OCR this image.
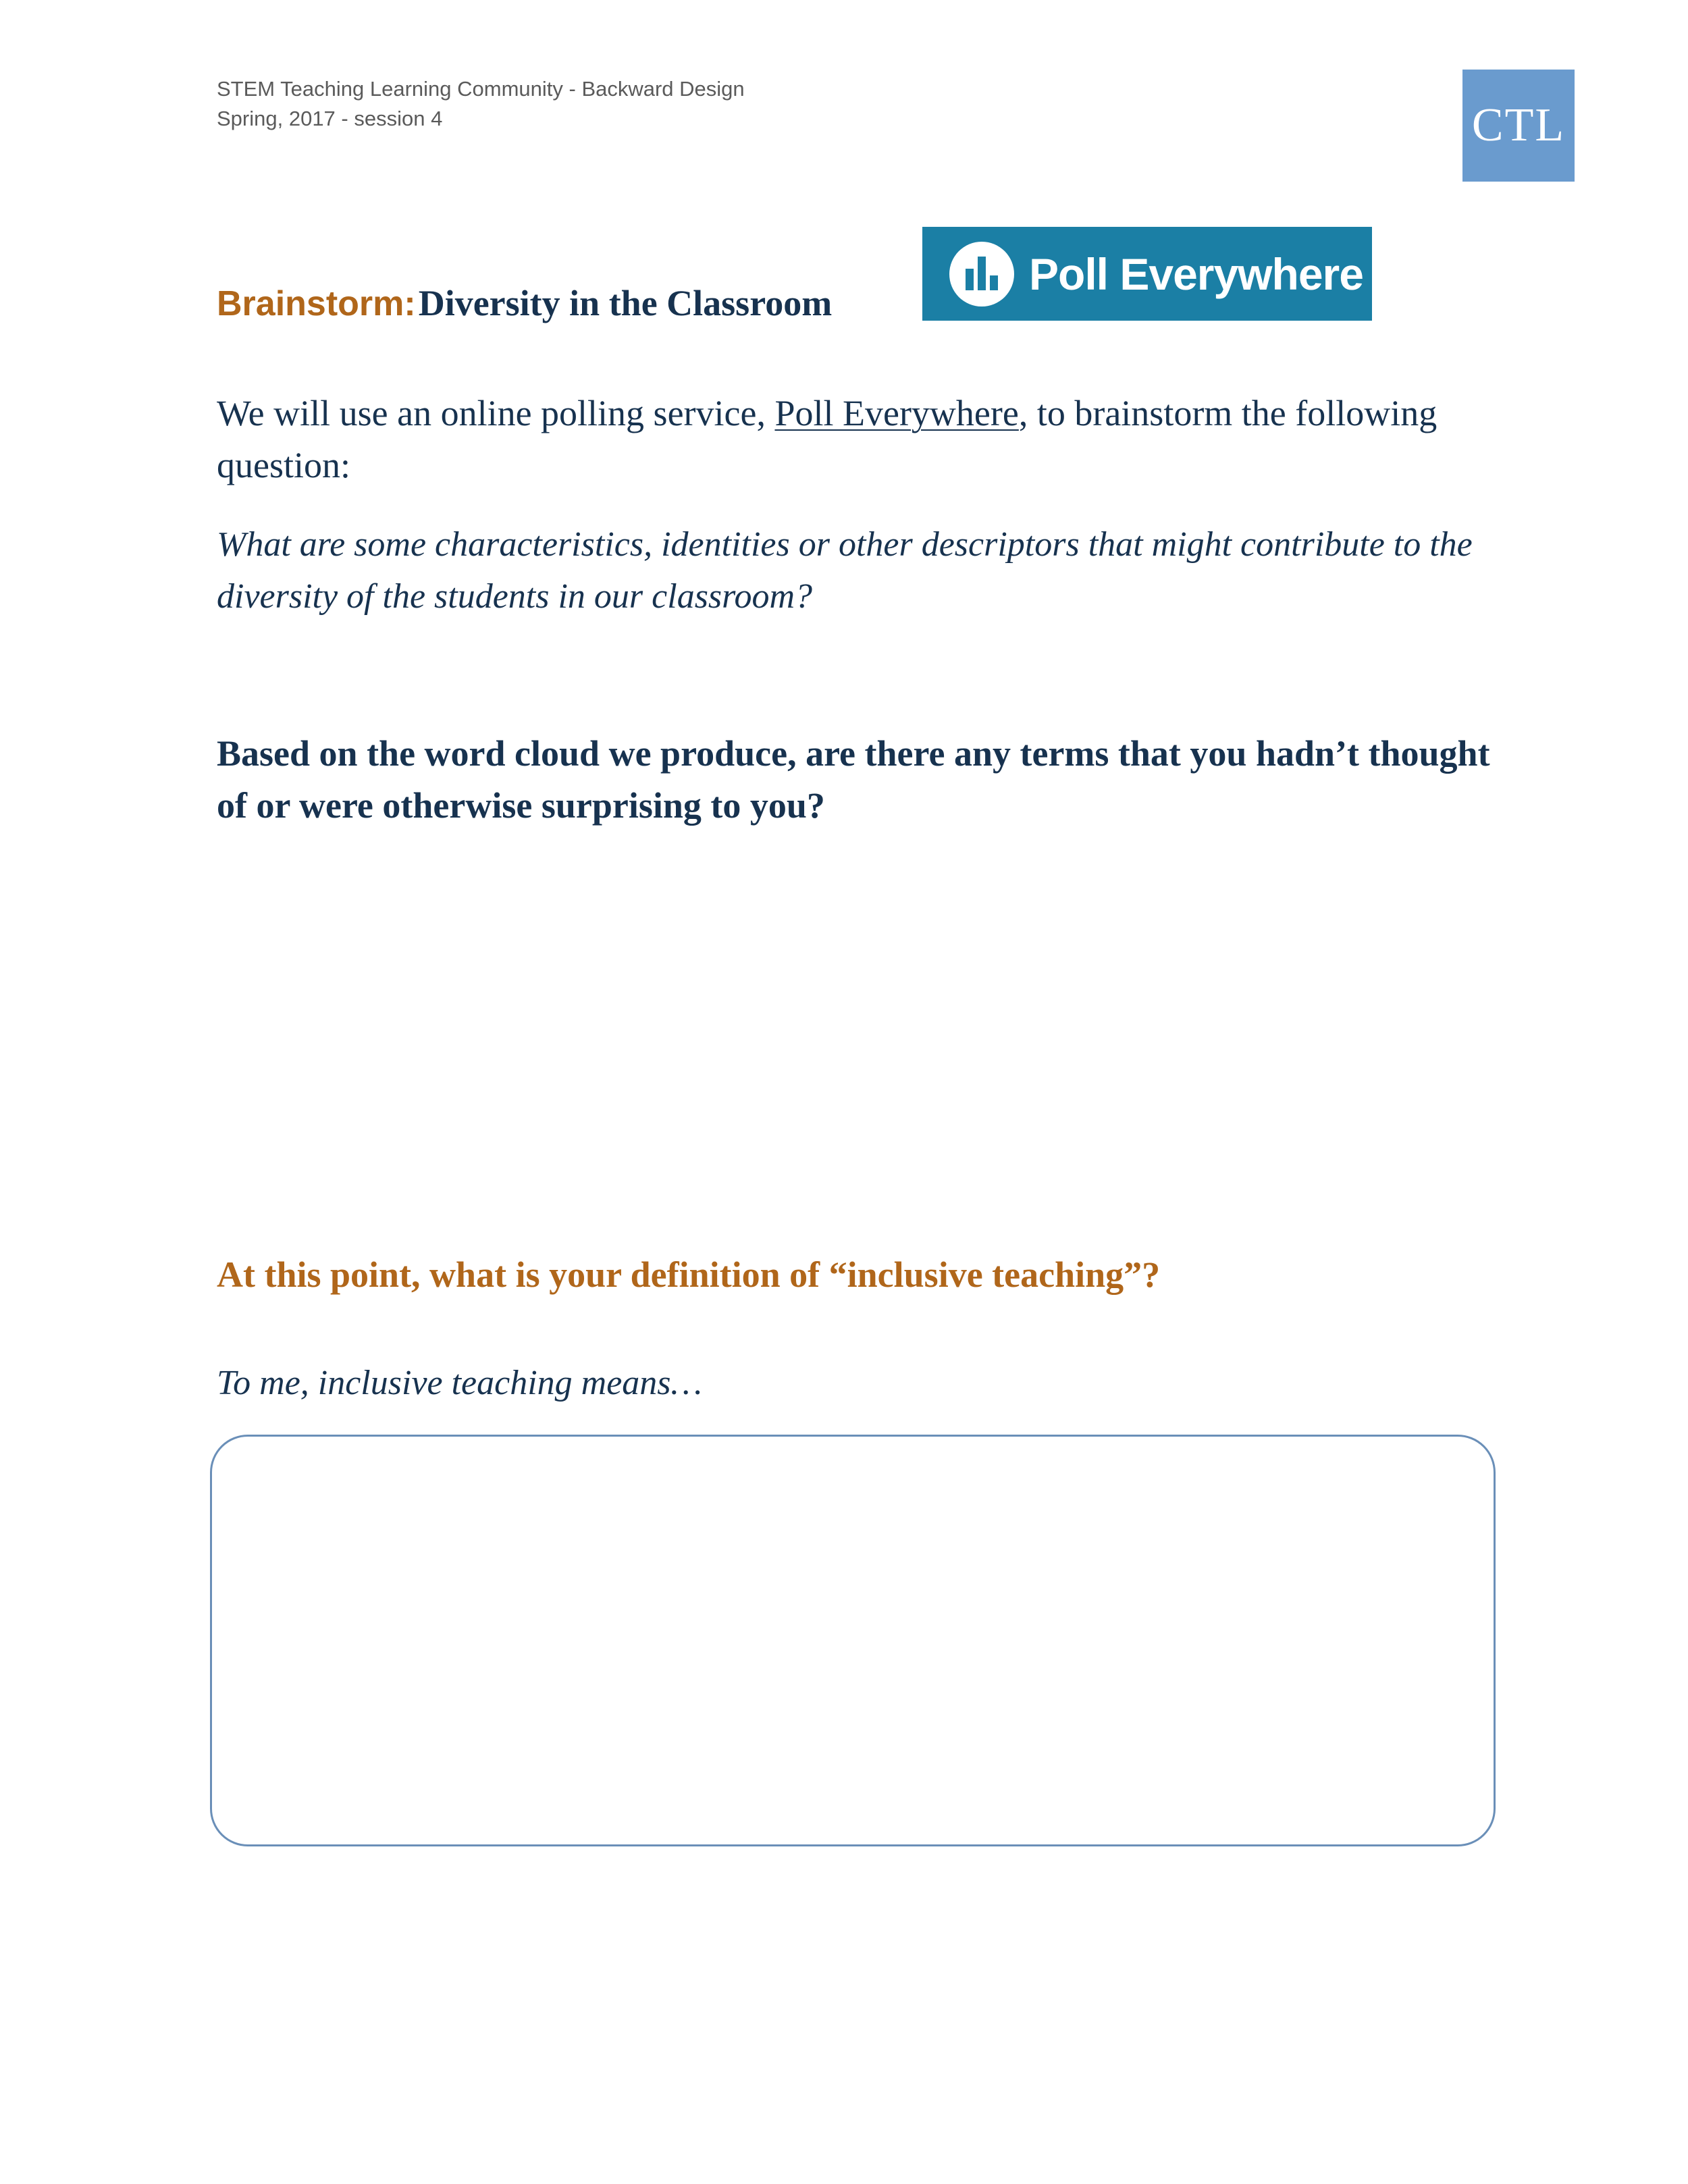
STEM Teaching Learning Community - Backward Design
Spring, 2017 - session 4	CTL
Poll Everywhere
Brainstorm: Diversity in the Classroom
We will use an online polling service, Poll Everywhere, to brainstorm the following question:
What are some characteristics, identities or other descriptors that might contribute to the diversity of the students in our classroom?
Based on the word cloud we produce, are there any terms that you hadn’t thought of or were otherwise surprising to you?
At this point, what is your definition of “inclusive teaching”?
To me, inclusive teaching means…
